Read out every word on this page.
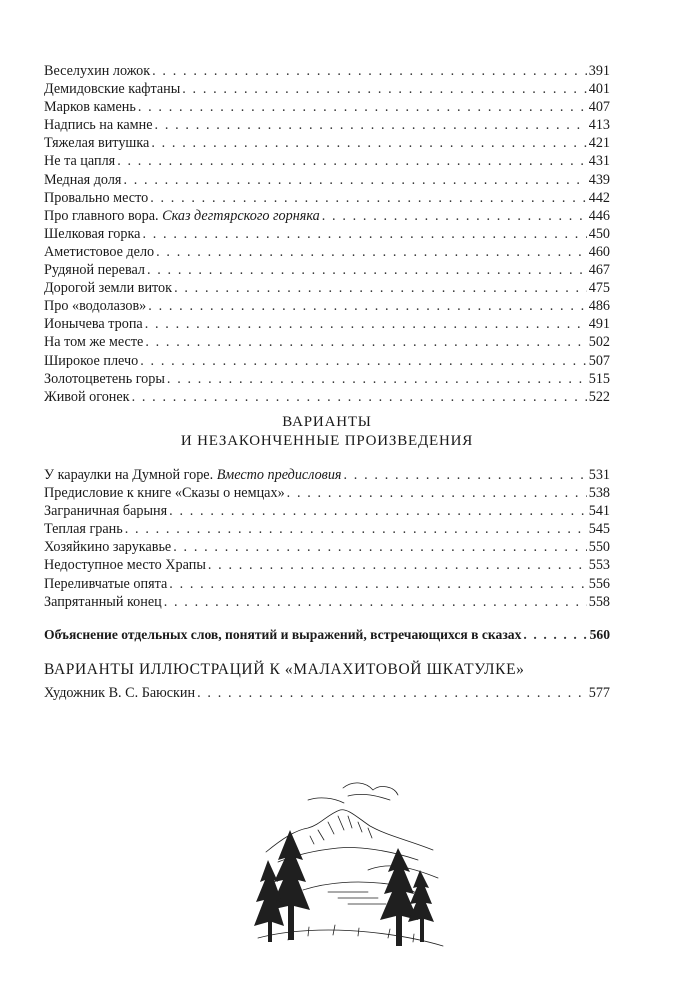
Веселухин ложок . . .	391
Демидовские кафтаны . . .	401
Марков камень . . .	407
Надпись на камне . . .	413
Тяжелая витушка . . .	421
Не та цапля . . .	431
Медная доля . . .	439
Провально место . . .	442
Про главного вора. Сказ дегтярского горняка . . .	446
Шелковая горка . . .	450
Аметистовое дело . . .	460
Рудяной перевал . . .	467
Дорогой земли виток . . .	475
Про «водолазов» . . .	486
Ионычева тропа . . .	491
На том же месте . . .	502
Широкое плечо . . .	507
Золотоцветень горы . . .	515
Живой огонек . . .	522
ВАРИАНТЫ
И НЕЗАКОНЧЕННЫЕ ПРОИЗВЕДЕНИЯ
У караулки на Думной горе. Вместо предисловия . . .	531
Предисловие к книге «Сказы о немцах» . . .	538
Заграничная барыня . . .	541
Теплая грань . . .	545
Хозяйкино зарукавье . . .	550
Недоступное место Храпы . . .	553
Переливчатые опята . . .	556
Запрятанный конец . . .	558
Объяснение отдельных слов, понятий и выражений, встречающихся в сказах . . .	560
ВАРИАНТЫ ИЛЛЮСТРАЦИЙ К «МАЛАХИТОВОЙ ШКАТУЛКЕ»
Художник В. С. Баюскин . . .	577
